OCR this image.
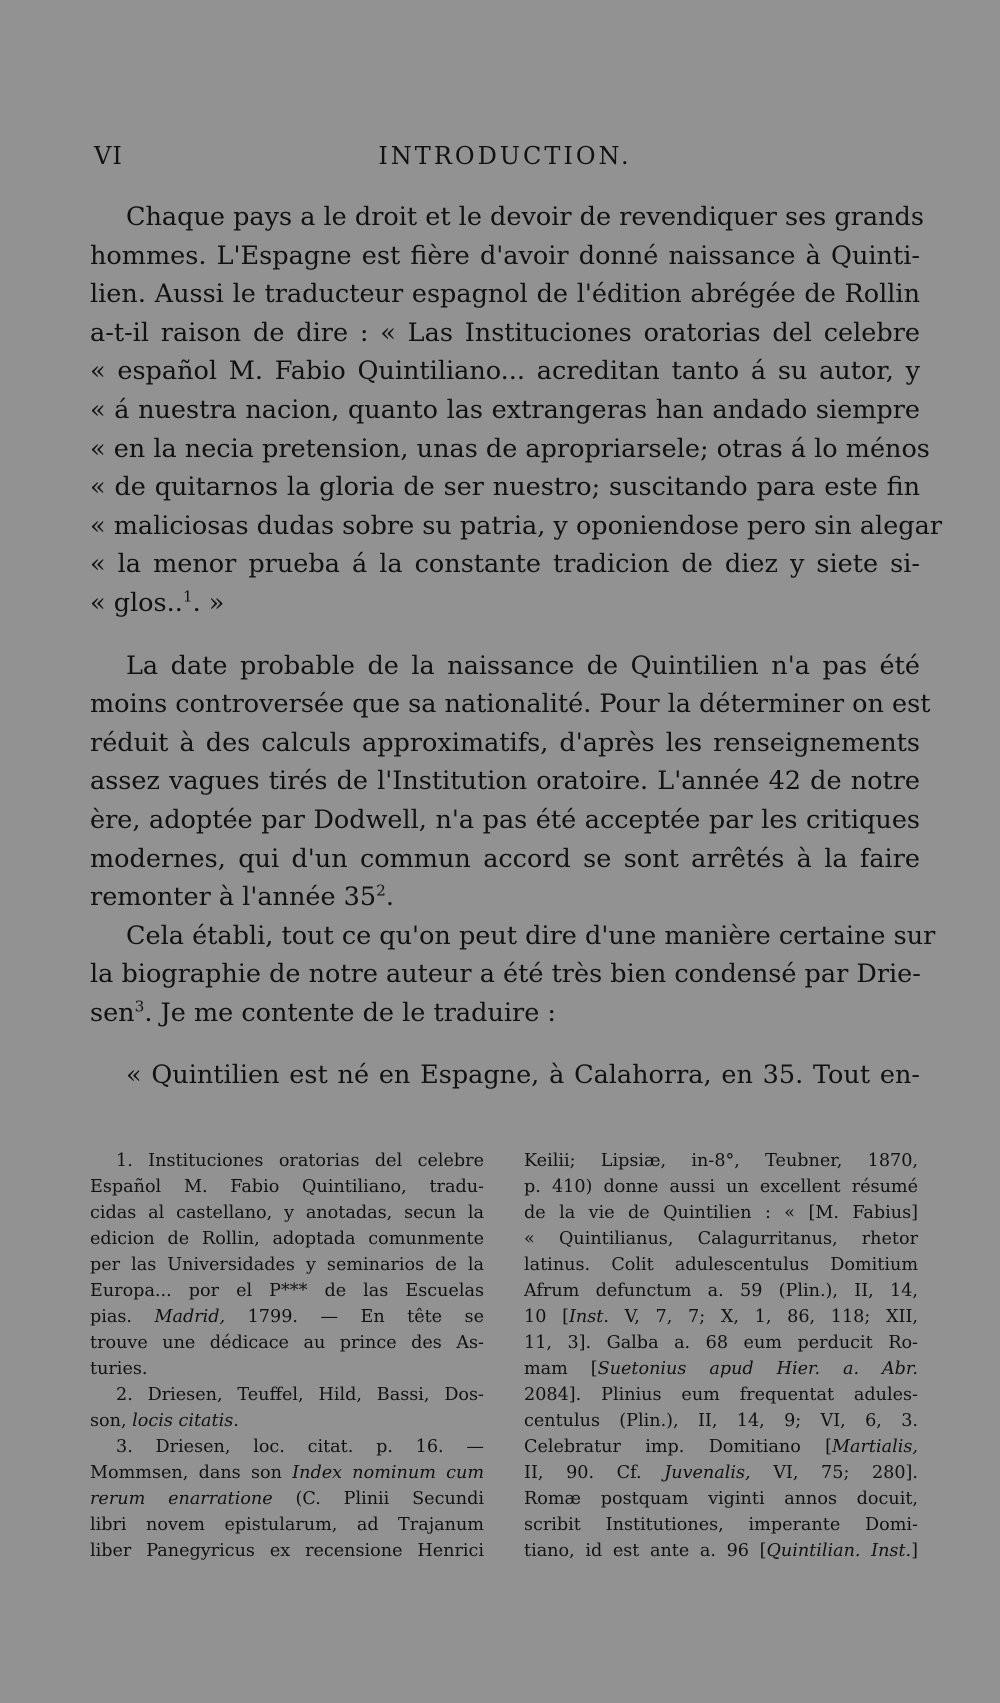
VI	INTRODUCTION.

Chaque pays a le droit et le devoir de revendiquer ses grands
hommes. L'Espagne est fière d'avoir donné naissance à Quinti-
lien. Aussi le traducteur espagnol de l'édition abrégée de Rollin
a-t-il raison de dire : « Las Instituciones oratorias del celebre
« español M. Fabio Quintiliano... acreditan tanto á su autor, y
« á nuestra nacion, quanto las extrangeras han andado siempre
« en la necia pretension, unas de apropriarsele; otras á lo ménos
« de quitarnos la gloria de ser nuestro; suscitando para este fin
« maliciosas dudas sobre su patria, y oponiendose pero sin alegar
« la menor prueba á la constante tradicion de diez y siete si-
« glos..$^1$. »

La date probable de la naissance de Quintilien n'a pas été
moins controversée que sa nationalité. Pour la déterminer on est
réduit à des calculs approximatifs, d'après les renseignements
assez vagues tirés de l'Institution oratoire. L'année 42 de notre
ère, adoptée par Dodwell, n'a pas été acceptée par les critiques
modernes, qui d'un commun accord se sont arrêtés à la faire
remonter à l'année $35^2$.

Cela établi, tout ce qu'on peut dire d'une manière certaine sur
la biographie de notre auteur a été très bien condensé par Drie-
sen$^3$. Je me contente de le traduire :

« Quintilien est né en Espagne, à Calahorra, en 35. Tout en-

1. Instituciones oratorias del celebre
Español M. Fabio Quintiliano, tradu-
cidas al castellano, y anotadas, secun la
edicion de Rollin, adoptada comunmente
per las Universidades y seminarios de la
Europa... por el P*** de las Escuelas
pias. Madrid, 1799. — En tête se
trouve une dédicace au prince des As-
turies.
2. Driesen, Teuffel, Hild, Bassi, Dos-
son, locis citatis.
3. Driesen, loc. citat. p. 16. —
Mommsen, dans son Index nominum cum
rerum enarratione (C. Plinii Secundi
libri novem epistularum, ad Trajanum
liber Panegyricus ex recensione Henrici
Keilii; Lipsiæ, in-8°, Teubner, 1870,
p. 410) donne aussi un excellent résumé
de la vie de Quintilien : « [M. Fabius]
« Quintilianus, Calagurritanus, rhetor
latinus. Colit adulescentulus Domitium
Afrum defunctum a. 59 (Plin.), II, 14,
10 [Inst. V, 7, 7; X, 1, 86, 118; XII,
11, 3]. Galba a. 68 eum perducit Ro-
mam [Suetonius apud Hier. a. Abr.
2084]. Plinius eum frequentat adules-
centulus (Plin.), II, 14, 9; VI, 6, 3.
Celebratur imp. Domitiano [Martialis,
II, 90. Cf. Juvenalis, VI, 75; 280].
Romæ postquam viginti annos docuit,
scribit Institutiones, imperante Domi-
tiano, id est ante a. 96 [Quintilian. Inst.]
